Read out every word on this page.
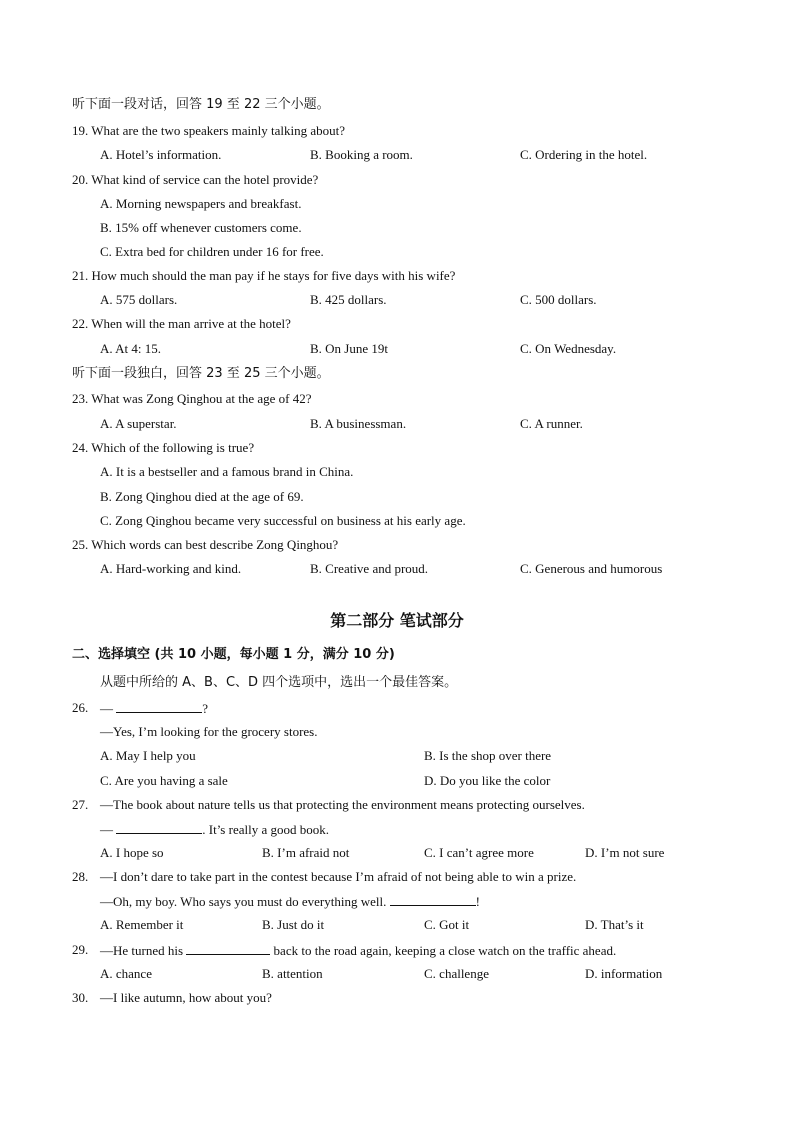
听下面一段对话，回答 19 至 22 三个小题。
19. What are the two speakers mainly talking about?
A. Hotel’s information.	B. Booking a room.	C. Ordering in the hotel.
20. What kind of service can the hotel provide?
A. Morning newspapers and breakfast.
B. 15% off whenever customers come.
C. Extra bed for children under 16 for free.
21. How much should the man pay if he stays for five days with his wife?
A. 575 dollars.	B. 425 dollars.	C. 500 dollars.
22. When will the man arrive at the hotel?
A. At 4: 15.	B. On June 19t	C. On Wednesday.
听下面一段独白，回答 23 至 25 三个小题。
23. What was Zong Qinghou at the age of 42?
A. A superstar.	B. A businessman.	C. A runner.
24. Which of the following is true?
A. It is a bestseller and a famous brand in China.
B. Zong Qinghou died at the age of 69.
C. Zong Qinghou became very successful on business at his early age.
25. Which words can best describe Zong Qinghou?
A. Hard-working and kind.	B. Creative and proud.	C. Generous and humorous
第二部分 笔试部分
二、选择填空 (共 10 小题，每小题 1 分，满分 10 分)
从题中所给的 A、B、C、D 四个选项中，选出一个最佳答案。
26. —	?
—Yes, I’m looking for the grocery stores.
A. May I help you	B. Is the shop over there
C. Are you having a sale	D. Do you like the color
27. —The book about nature tells us that protecting the environment means protecting ourselves.
—	. It’s really a good book.
A. I hope so	B. I’m afraid not	C. I can’t agree more	D. I’m not sure
28. —I don’t dare to take part in the contest because I’m afraid of not being able to win a prize.
—Oh, my boy. Who says you must do everything well.	!
A. Remember it	B. Just do it	C. Got it	D. That’s it
29. —He turned his	back to the road again, keeping a close watch on the traffic ahead.
A. chance	B. attention	C. challenge	D. information
30. —I like autumn, how about you?
